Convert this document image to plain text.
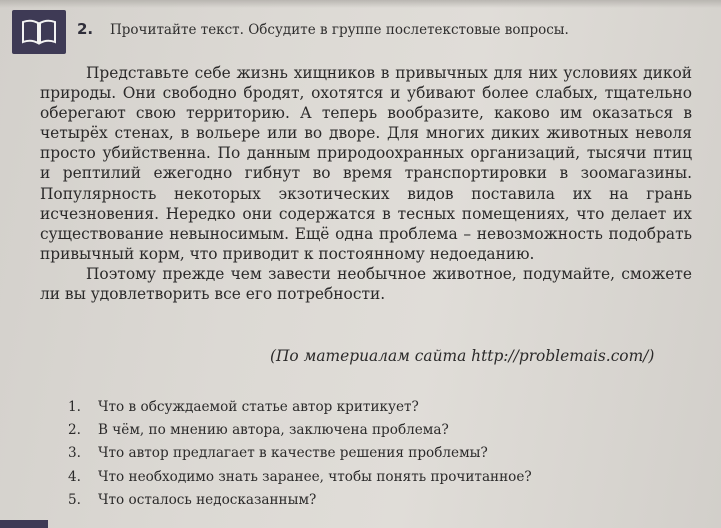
2. Прочитайте текст. Обсудите в группе послетекстовые вопросы.

Представьте себе жизнь хищников в привычных для них условиях дикой природы. Они свободно бродят, охотятся и убивают более слабых, тщательно оберегают свою территорию. А теперь вообразите, каково им оказаться в четырёх стенах, в вольере или во дворе. Для многих диких животных неволя просто убийственна. По данным природоохранных организаций, тысячи птиц и рептилий ежегодно гибнут во время транспортировки в зоомагазины. Популярность некоторых экзотических видов поставила их на грань исчезновения. Нередко они содержатся в тесных помещениях, что делает их существование невыносимым. Ещё одна проблема – невозможность подобрать привычный корм, что приводит к постоянному недоеданию.

Поэтому прежде чем завести необычное животное, подумайте, сможете ли вы удовлетворить все его потребности.

(По материалам сайта http://problemais.com/)
1.	Что в обсуждаемой статье автор критикует?
2.	В чём, по мнению автора, заключена проблема?
3.	Что автор предлагает в качестве решения проблемы?
4.	Что необходимо знать заранее, чтобы понять прочитанное?
5.	Что осталось недосказанным?
